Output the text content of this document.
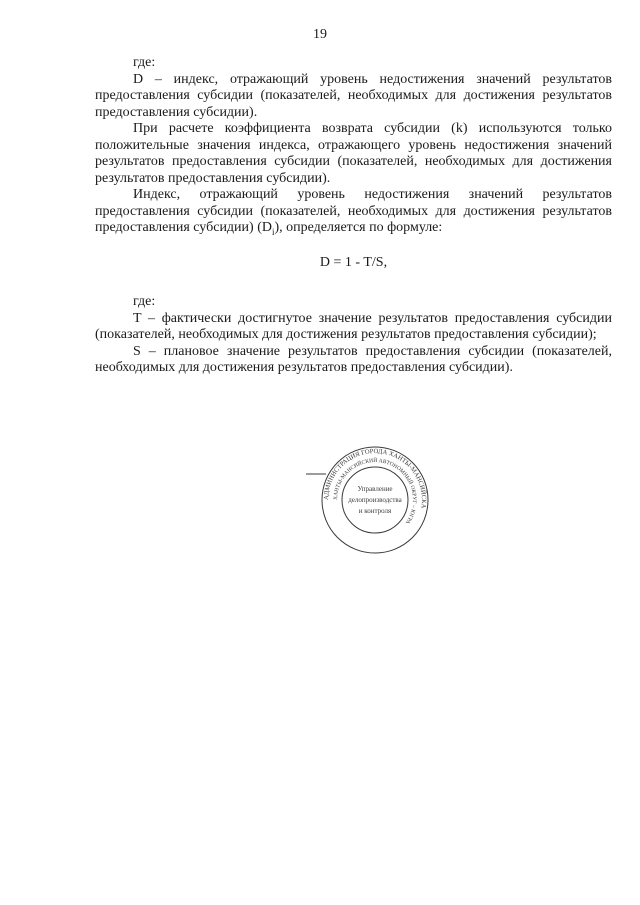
19

где:

D – индекс, отражающий уровень недостижения значений результатов предоставления субсидии (показателей, необходимых для достижения результатов предоставления субсидии).

При расчете коэффициента возврата субсидии (k) используются только положительные значения индекса, отражающего уровень недостижения значений результатов предоставления субсидии (показателей, необходимых для достижения результатов предоставления субсидии).

Индекс, отражающий уровень недостижения значений результатов предоставления субсидии (показателей, необходимых для достижения результатов предоставления субсидии) $(D_i)$, определяется по формуле:

D = 1 - T/S,

где:

T – фактически достигнутое значение результатов предоставления субсидии (показателей, необходимых для достижения результатов предоставления субсидии);

S – плановое значение результатов предоставления субсидии (показателей, необходимых для достижения результатов предоставления субсидии).

АДМИНИСТРАЦИЯ ГОРОДА ХАНТЫ-МАНСИЙСКА
ХАНТЫ-МАНСИЙСКИЙ АВТОНОМНЫЙ ОКРУГ – ЮГРА
Управление
делопроизводства
и контроля
